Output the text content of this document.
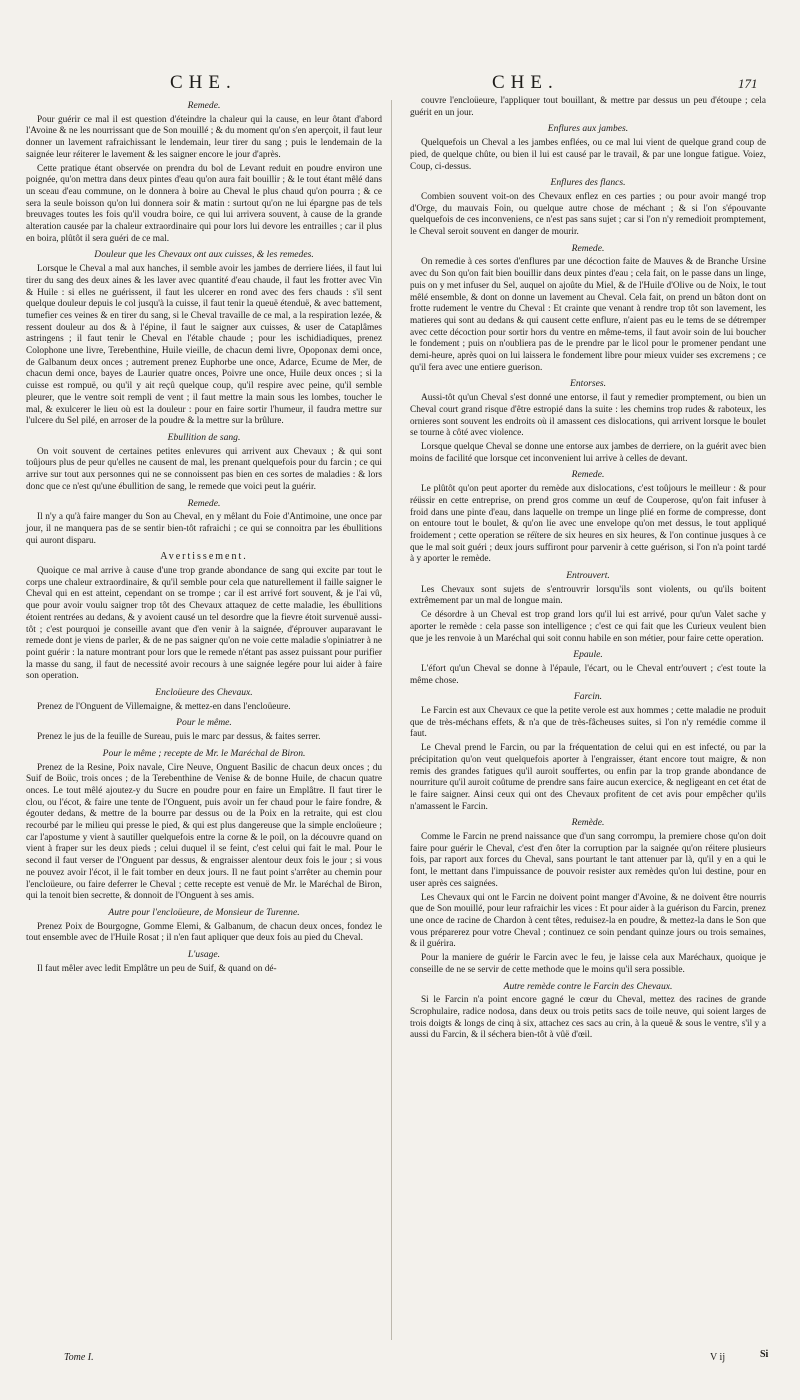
CHE.	CHE.	171
Remede.

Pour guérir ce mal il est question d'éteindre la chaleur qui la cause, en leur ôtant d'abord l'Avoine & ne les nourrissant que de Son mouillé ; & du moment qu'on s'en aperçoit, il faut leur donner un lavement rafraichissant le lendemain, leur tirer du sang ; puis le lendemain de la saignée leur réiterer le lavement & les saigner encore le jour d'après.

Cette pratique étant observée on prendra du bol de Levant reduit en poudre environ une poignée, qu'on mettra dans deux pintes d'eau qu'on aura fait bouillir ; & le tout étant mêlé dans un sceau d'eau commune, on le donnera à boire au Cheval le plus chaud qu'on pourra ; & ce sera la seule boisson qu'on lui donnera soir & matin : surtout qu'on ne lui épargne pas de tels breuvages toutes les fois qu'il voudra boire, ce qui lui arrivera souvent, à cause de la grande alteration causée par la chaleur extraordinaire qui pour lors lui devore les entrailles ; car il plus en boira, plûtôt il sera guéri de ce mal.

Douleur que les Chevaux ont aux cuisses, & les remedes.

Lorsque le Cheval a mal aux hanches, il semble avoir les jambes de derriere liées, il faut lui tirer du sang des deux aines & les laver avec quantité d'eau chaude, il faut les frotter avec Vin & Huile : si elles ne guérissent, il faut les ulcerer en rond avec des fers chauds : s'il sent quelque douleur depuis le col jusqu'à la cuisse, il faut tenir la queuë étenduë, & avec battement, tumefier ces veines & en tirer du sang, si le Cheval travaille de ce mal, a la respiration lezée, & ressent douleur au dos & à l'épine, il faut le saigner aux cuisses, & user de Cataplâmes astringens ; il faut tenir le Cheval en l'étable chaude ; pour les ischidiadiques, prenez Colophone une livre, Terebenthine, Huile vieille, de chacun demi livre, Opoponax demi once, de Galbanum deux onces ; autrement prenez Euphorbe une once, Adarce, Ecume de Mer, de chacun demi once, bayes de Laurier quatre onces, Poivre une once, Huile deux onces ; si la cuisse est rompuë, ou qu'il y ait reçû quelque coup, qu'il respire avec peine, qu'il semble pleurer, que le ventre soit rempli de vent ; il faut mettre la main sous les lombes, toucher le mal, & exulcerer le lieu où est la douleur : pour en faire sortir l'humeur, il faudra mettre sur l'ulcere du Sel pilé, en arroser de la poudre & la mettre sur la brûlure.

Ebullition de sang.

On voit souvent de certaines petites enlevures qui arrivent aux Chevaux ; & qui sont toûjours plus de peur qu'elles ne causent de mal, les prenant quelquefois pour du farcin ; ce qui arrive sur tout aux personnes qui ne se connoissent pas bien en ces sortes de maladies : & lors donc que ce n'est qu'une ébullition de sang, le remede que voici peut la guérir.

Remede.

Il n'y a qu'à faire manger du Son au Cheval, en y mêlant du Foie d'Antimoine, une once par jour, il ne manquera pas de se sentir bien-tôt rafraichi ; ce qui se connoitra par les ébullitions qui auront disparu.

Avertissement.

Quoique ce mal arrive à cause d'une trop grande abondance de sang qui excite par tout le corps une chaleur extraordinaire, & qu'il semble pour cela que naturellement il faille saigner le Cheval qui en est atteint, cependant on se trompe ; car il est arrivé fort souvent, & je l'ai vû, que pour avoir voulu saigner trop tôt des Chevaux attaquez de cette maladie, les ébullitions étoient rentrées au dedans, & y avoient causé un tel desordre que la fievre étoit survenuë aussi-tôt ; c'est pourquoi je conseille avant que d'en venir à la saignée, d'éprouver auparavant le remede dont je viens de parler, & de ne pas saigner qu'on ne voie cette maladie s'opiniatrer à ne point guérir : la nature montrant pour lors que le remede n'étant pas assez puissant pour purifier la masse du sang, il faut de necessité avoir recours à une saignée legére pour lui aider à faire son operation.

Encloüeure des Chevaux.

Prenez de l'Onguent de Villemaigne, & mettez-en dans l'encloüeure.

Pour le même.

Prenez le jus de la feuille de Sureau, puis le marc par dessus, & faites serrer.

Pour le même ; recepte de Mr. le Maréchal de Biron.

Prenez de la Resine, Poix navale, Cire Neuve, Onguent Basilic de chacun deux onces ; du Suif de Boüc, trois onces ; de la Terebenthine de Venise & de bonne Huile, de chacun quatre onces. Le tout mêlé ajoutez-y du Sucre en poudre pour en faire un Emplâtre. Il faut tirer le clou, ou l'écot, & faire une tente de l'Onguent, puis avoir un fer chaud pour le faire fondre, & égouter dedans, & mettre de la bourre par dessus ou de la Poix en la retraite, qui est clou recourbé par le milieu qui presse le pied, & qui est plus dangereuse que la simple encloüeure ; car l'apostume y vient à sautiller quelquefois entre la corne & le poil, on la découvre quand on vient à fraper sur les deux pieds ; celui duquel il se feint, c'est celui qui fait le mal. Pour le second il faut verser de l'Onguent par dessus, & engraisser alentour deux fois le jour ; si vous ne pouvez avoir l'écot, il le fait tomber en deux jours. Il ne faut point s'arrêter au chemin pour l'encloüeure, ou faire deferrer le Cheval ; cette recepte est venuë de Mr. le Maréchal de Biron, qui la tenoit bien secrette, & donnoit de l'Onguent à ses amis.

Autre pour l'encloüeure, de Monsieur de Turenne.

Prenez Poix de Bourgogne, Gomme Elemi, & Galbanum, de chacun deux onces, fondez le tout ensemble avec de l'Huile Rosat ; il n'en faut apliquer que deux fois au pied du Cheval.

L'usage.

Il faut mêler avec ledit Emplâtre un peu de Suif, & quand on dé-

couvre l'encloüeure, l'appliquer tout bouillant, & mettre par dessus un peu d'étoupe ; cela guérit en un jour.

Enflures aux jambes.

Quelquefois un Cheval a les jambes enflées, ou ce mal lui vient de quelque grand coup de pied, de quelque chûte, ou bien il lui est causé par le travail, & par une longue fatigue. Voiez, Coup, ci-dessus.

Enflures des flancs.

Combien souvent voit-on des Chevaux enflez en ces parties ; ou pour avoir mangé trop d'Orge, du mauvais Foin, ou quelque autre chose de méchant ; & si l'on s'épouvante quelquefois de ces inconveniens, ce n'est pas sans sujet ; car si l'on n'y remedioit promptement, le Cheval seroit souvent en danger de mourir.

Remede.

On remedie à ces sortes d'enflures par une décoction faite de Mauves & de Branche Ursine avec du Son qu'on fait bien bouillir dans deux pintes d'eau ; cela fait, on le passe dans un linge, puis on y met infuser du Sel, auquel on ajoûte du Miel, & de l'Huile d'Olive ou de Noix, le tout mêlé ensemble, & dont on donne un lavement au Cheval. Cela fait, on prend un bâton dont on frotte rudement le ventre du Cheval : Et crainte que venant à rendre trop tôt son lavement, les matieres qui sont au dedans & qui causent cette enflure, n'aient pas eu le tems de se détremper avec cette décoction pour sortir hors du ventre en même-tems, il faut avoir soin de lui boucher le fondement ; puis on n'oubliera pas de le prendre par le licol pour le promener pendant une demi-heure, après quoi on lui laissera le fondement libre pour mieux vuider ses excremens ; ce qu'il fera avec une entiere guerison.

Entorses.

Aussi-tôt qu'un Cheval s'est donné une entorse, il faut y remedier promptement, ou bien un Cheval court grand risque d'être estropié dans la suite : les chemins trop rudes & raboteux, les ornieres sont souvent les endroits où il amassent ces dislocations, qui arrivent lorsque le boulet se tourne à côté avec violence.

Lorsque quelque Cheval se donne une entorse aux jambes de derriere, on la guérit avec bien moins de facilité que lorsque cet inconvenient lui arrive à celles de devant.

Remede.

Le plûtôt qu'on peut aporter du remède aux dislocations, c'est toûjours le meilleur : & pour réüssir en cette entreprise, on prend gros comme un œuf de Couperose, qu'on fait infuser à froid dans une pinte d'eau, dans laquelle on trempe un linge plié en forme de compresse, dont on entoure tout le boulet, & qu'on lie avec une envelope qu'on met dessus, le tout appliqué froidement ; cette operation se réïtere de six heures en six heures, & l'on continue jusques à ce que le mal soit guéri ; deux jours suffiront pour parvenir à cette guérison, si l'on n'a point tardé à y aporter le remède.

Entrouvert.

Les Chevaux sont sujets de s'entrouvrir lorsqu'ils sont violents, ou qu'ils boitent extrêmement par un mal de longue main.

Ce désordre à un Cheval est trop grand lors qu'il lui est arrivé, pour qu'un Valet sache y aporter le remède : cela passe son intelligence ; c'est ce qui fait que les Curieux veulent bien que je les renvoie à un Maréchal qui soit connu habile en son métier, pour faire cette operation.

Epaule.

L'éfort qu'un Cheval se donne à l'épaule, l'écart, ou le Cheval entr'ouvert ; c'est toute la même chose.

Farcin.

Le Farcin est aux Chevaux ce que la petite verole est aux hommes ; cette maladie ne produit que de très-méchans effets, & n'a que de très-fâcheuses suites, si l'on n'y remédie comme il faut.

Le Cheval prend le Farcin, ou par la fréquentation de celui qui en est infecté, ou par la précipitation qu'on veut quelquefois aporter à l'engraisser, étant encore tout maigre, & non remis des grandes fatigues qu'il auroit souffertes, ou enfin par la trop grande abondance de nourriture qu'il auroit coûtume de prendre sans faire aucun exercice, & negligeant en cet état de le faire saigner. Ainsi ceux qui ont des Chevaux profitent de cet avis pour empêcher qu'ils n'amassent le Farcin.

Remède.

Comme le Farcin ne prend naissance que d'un sang corrompu, la premiere chose qu'on doit faire pour guérir le Cheval, c'est d'en ôter la corruption par la saignée qu'on réitere plusieurs fois, par raport aux forces du Cheval, sans pourtant le tant attenuer par là, qu'il y en a qui le font, le mettant dans l'impuissance de pouvoir resister aux remèdes qu'on lui destine, pour en user après ces saignées.

Les Chevaux qui ont le Farcin ne doivent point manger d'Avoine, & ne doivent être nourris que de Son mouillé, pour leur rafraichir les vices : Et pour aider à la guérison du Farcin, prenez une once de racine de Chardon à cent têtes, reduisez-la en poudre, & mettez-la dans le Son que vous préparerez pour votre Cheval ; continuez ce soin pendant quinze jours ou trois semaines, & il guérira.

Pour la maniere de guérir le Farcin avec le feu, je laisse cela aux Maréchaux, quoique je conseille de ne se servir de cette methode que le moins qu'il sera possible.

Autre remède contre le Farcin des Chevaux.

Si le Farcin n'a point encore gagné le cœur du Cheval, mettez des racines de grande Scrophulaire, radice nodosa, dans deux ou trois petits sacs de toile neuve, qui soient larges de trois doigts & longs de cinq à six, attachez ces sacs au crin, à la queuë & sous le ventre, s'il y a aussi du Farcin, & il séchera bien-tôt à vûë d'œil.

Tome I.	V ij	Si
